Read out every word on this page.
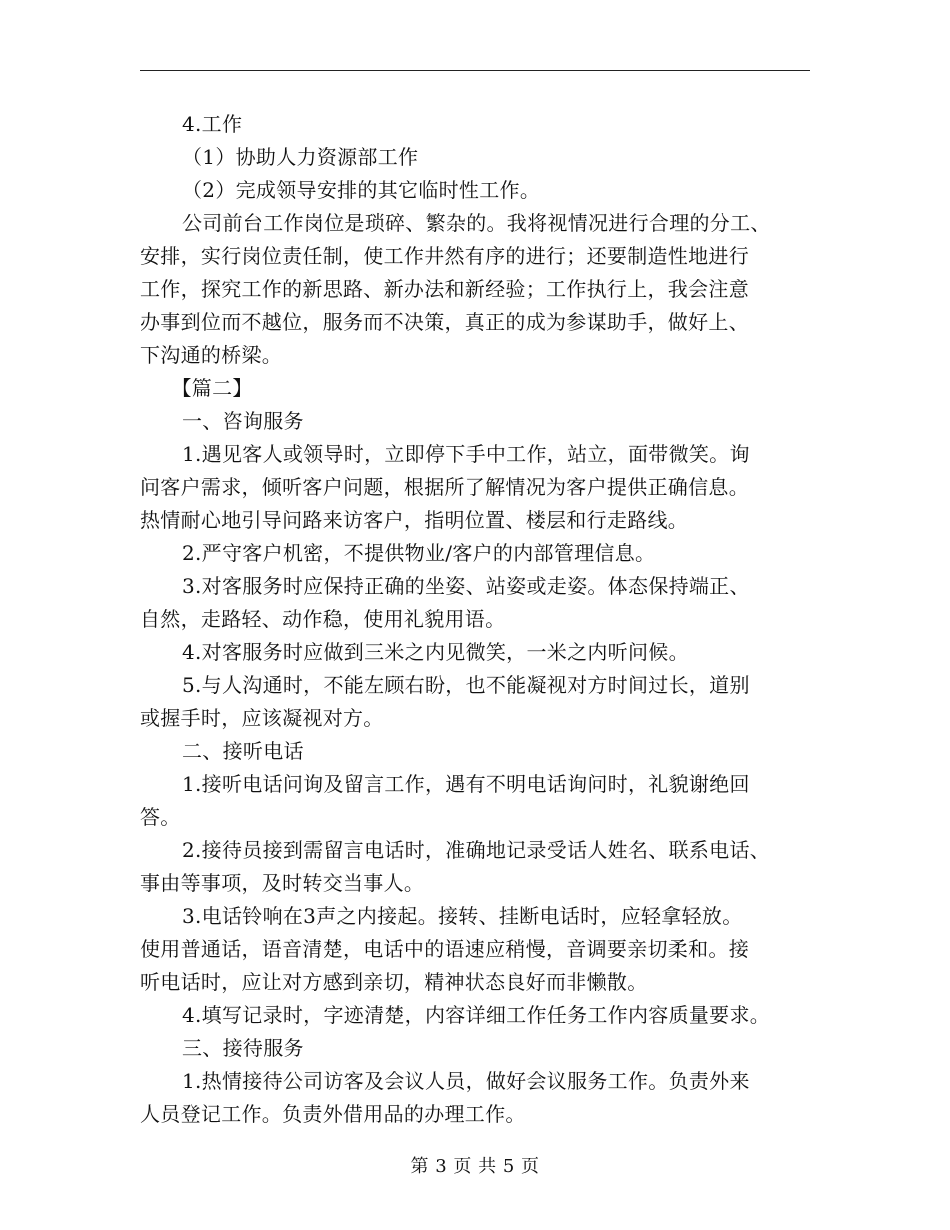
4.工作
（1）协助人力资源部工作
（2）完成领导安排的其它临时性工作。
公司前台工作岗位是琐碎、繁杂的。我将视情况进行合理的分工、
安排，实行岗位责任制，使工作井然有序的进行；还要制造性地进行
工作，探究工作的新思路、新办法和新经验；工作执行上，我会注意
办事到位而不越位，服务而不决策，真正的成为参谋助手，做好上、
下沟通的桥梁。
【篇二】
一、咨询服务
1.遇见客人或领导时，立即停下手中工作，站立，面带微笑。询
问客户需求，倾听客户问题，根据所了解情况为客户提供正确信息。
热情耐心地引导问路来访客户，指明位置、楼层和行走路线。
2.严守客户机密，不提供物业/客户的内部管理信息。
3.对客服务时应保持正确的坐姿、站姿或走姿。体态保持端正、
自然，走路轻、动作稳，使用礼貌用语。
4.对客服务时应做到三米之内见微笑，一米之内听问候。
5.与人沟通时，不能左顾右盼，也不能凝视对方时间过长，道别
或握手时，应该凝视对方。
二、接听电话
1.接听电话问询及留言工作，遇有不明电话询问时，礼貌谢绝回
答。
2.接待员接到需留言电话时，准确地记录受话人姓名、联系电话、
事由等事项，及时转交当事人。
3.电话铃响在3声之内接起。接转、挂断电话时，应轻拿轻放。
使用普通话，语音清楚，电话中的语速应稍慢，音调要亲切柔和。接
听电话时，应让对方感到亲切，精神状态良好而非懒散。
4.填写记录时，字迹清楚，内容详细工作任务工作内容质量要求。
三、接待服务
1.热情接待公司访客及会议人员，做好会议服务工作。负责外来
人员登记工作。负责外借用品的办理工作。
第 3 页 共 5 页
